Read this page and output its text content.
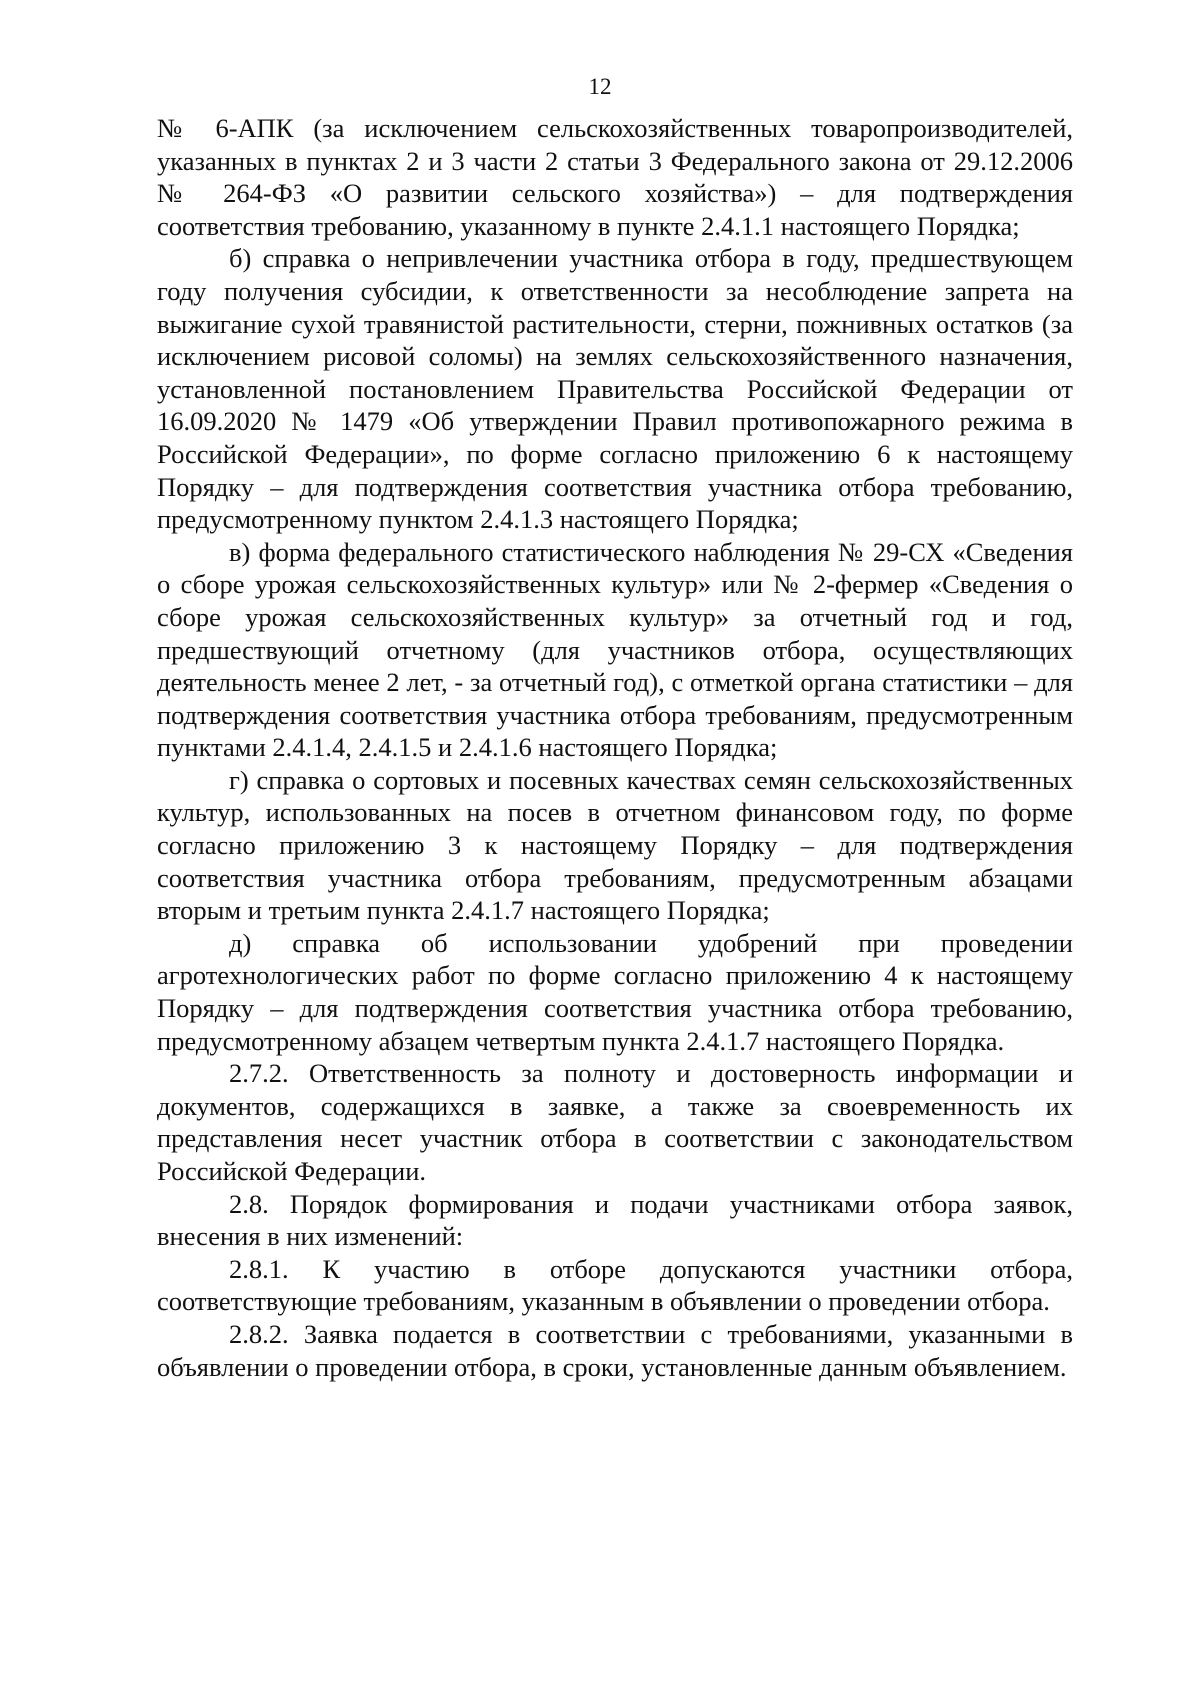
12

№ 6-АПК (за исключением сельскохозяйственных товаропроизводителей, указанных в пунктах 2 и 3 части 2 статьи 3 Федерального закона от 29.12.2006 № 264-ФЗ «О развитии сельского хозяйства») – для подтверждения соответствия требованию, указанному в пункте 2.4.1.1 настоящего Порядка;

б) справка о непривлечении участника отбора в году, предшествующем году получения субсидии, к ответственности за несоблюдение запрета на выжигание сухой травянистой растительности, стерни, пожнивных остатков (за исключением рисовой соломы) на землях сельскохозяйственного назначения, установленной постановлением Правительства Российской Федерации от 16.09.2020 № 1479 «Об утверждении Правил противопожарного режима в Российской Федерации», по форме согласно приложению 6 к настоящему Порядку – для подтверждения соответствия участника отбора требованию, предусмотренному пунктом 2.4.1.3 настоящего Порядка;

в) форма федерального статистического наблюдения № 29-СХ «Сведения о сборе урожая сельскохозяйственных культур» или № 2-фермер «Сведения о сборе урожая сельскохозяйственных культур» за отчетный год и год, предшествующий отчетному (для участников отбора, осуществляющих деятельность менее 2 лет, - за отчетный год), с отметкой органа статистики – для подтверждения соответствия участника отбора требованиям, предусмотренным пунктами 2.4.1.4, 2.4.1.5 и 2.4.1.6 настоящего Порядка;

г) справка о сортовых и посевных качествах семян сельскохозяйственных культур, использованных на посев в отчетном финансовом году, по форме согласно приложению 3 к настоящему Порядку – для подтверждения соответствия участника отбора требованиям, предусмотренным абзацами вторым и третьим пункта 2.4.1.7 настоящего Порядка;

д) справка об использовании удобрений при проведении агротехнологических работ по форме согласно приложению 4 к настоящему Порядку – для подтверждения соответствия участника отбора требованию, предусмотренному абзацем четвертым пункта 2.4.1.7 настоящего Порядка.

2.7.2. Ответственность за полноту и достоверность информации и документов, содержащихся в заявке, а также за своевременность их представления несет участник отбора в соответствии с законодательством Российской Федерации.

2.8. Порядок формирования и подачи участниками отбора заявок, внесения в них изменений:

2.8.1. К участию в отборе допускаются участники отбора, соответствующие требованиям, указанным в объявлении о проведении отбора.

2.8.2. Заявка подается в соответствии с требованиями, указанными в объявлении о проведении отбора, в сроки, установленные данным объявлением.
